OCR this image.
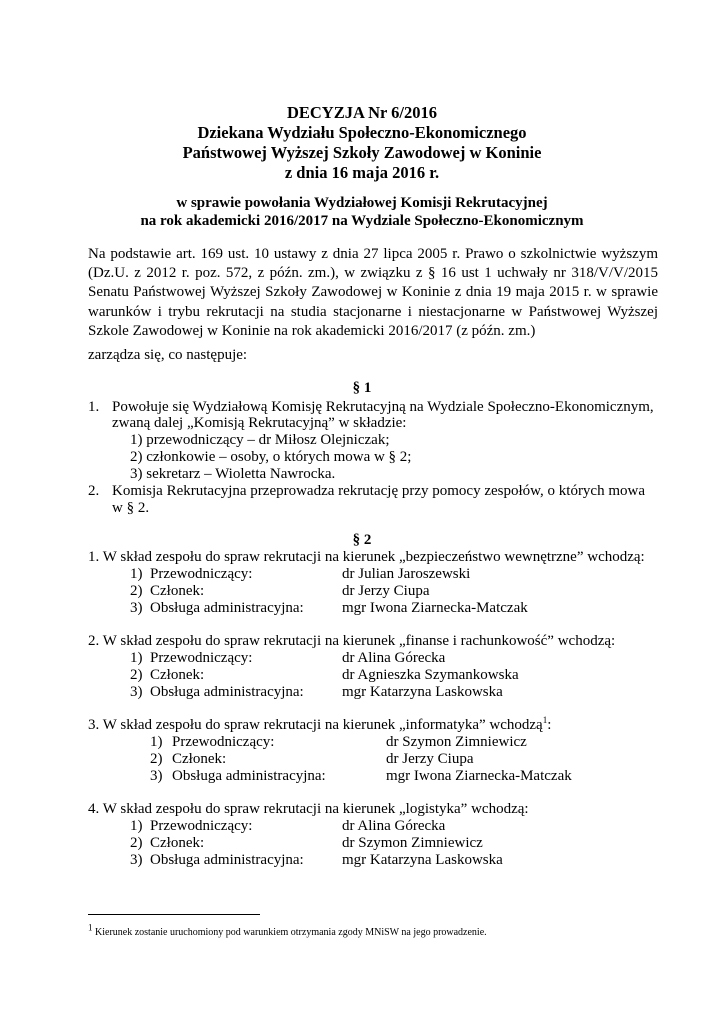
DECYZJA Nr 6/2016
Dziekana Wydziału Społeczno-Ekonomicznego
Państwowej Wyższej Szkoły Zawodowej w Koninie
z dnia 16 maja 2016 r.
w sprawie powołania Wydziałowej Komisji Rekrutacyjnej
na rok akademicki 2016/2017 na Wydziale Społeczno-Ekonomicznym
Na podstawie art. 169 ust. 10 ustawy z dnia 27 lipca 2005 r. Prawo o szkolnictwie wyższym (Dz.U. z 2012 r. poz. 572, z późn. zm.), w związku z § 16 ust 1 uchwały nr 318/V/V/2015 Senatu Państwowej Wyższej Szkoły Zawodowej w Koninie z dnia 19 maja 2015 r. w sprawie warunków i trybu rekrutacji na studia stacjonarne i niestacjonarne w Państwowej Wyższej Szkole Zawodowej w Koninie na rok akademicki 2016/2017 (z późn. zm.)
zarządza się, co następuje:
§ 1
1. Powołuje się Wydziałową Komisję Rekrutacyjną na Wydziale Społeczno-Ekonomicznym,
zwaną dalej „Komisją Rekrutacyjną” w składzie:
1) przewodniczący – dr Miłosz Olejniczak;
2) członkowie – osoby, o których mowa w § 2;
3) sekretarz – Wioletta Nawrocka.
2. Komisja Rekrutacyjna przeprowadza rekrutację przy pomocy zespołów, o których mowa
w § 2.
§ 2
1. W skład zespołu do spraw rekrutacji na kierunek „bezpieczeństwo wewnętrzne” wchodzą:
1) Przewodniczący:	dr Julian Jaroszewski
2) Członek:	dr Jerzy Ciupa
3) Obsługa administracyjna:	mgr Iwona Ziarnecka-Matczak
2. W skład zespołu do spraw rekrutacji na kierunek „finanse i rachunkowość” wchodzą:
1) Przewodniczący:	dr Alina Górecka
2) Członek:	dr Agnieszka Szymankowska
3) Obsługa administracyjna:	mgr Katarzyna Laskowska
3. W skład zespołu do spraw rekrutacji na kierunek „informatyka” wchodzą$^1$:
1) Przewodniczący:	dr Szymon Zimniewicz
2) Członek:	dr Jerzy Ciupa
3) Obsługa administracyjna:	mgr Iwona Ziarnecka-Matczak
4. W skład zespołu do spraw rekrutacji na kierunek „logistyka” wchodzą:
1) Przewodniczący:	dr Alina Górecka
2) Członek:	dr Szymon Zimniewicz
3) Obsługa administracyjna:	mgr Katarzyna Laskowska
$^1$ Kierunek zostanie uruchomiony pod warunkiem otrzymania zgody MNiSW na jego prowadzenie.
